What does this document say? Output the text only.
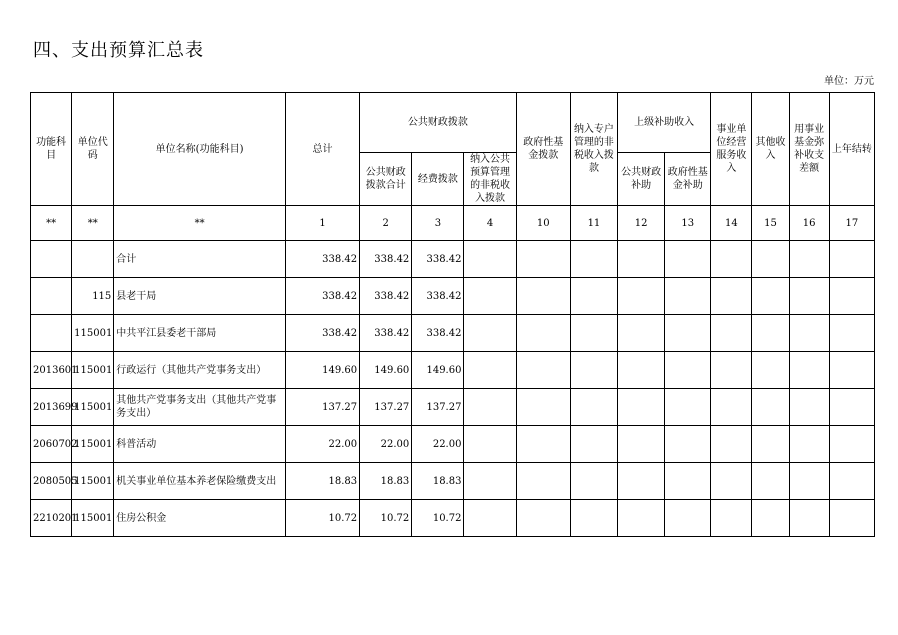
四、支出预算汇总表
单位：万元
功能科目	单位代码	单位名称(功能科目)	总计	公共财政拨款			政府性基金拨款	纳入专户管理的非税收入拨款	上级补助收入		事业单位经营服务收入	其他收入	用事业基金弥补收支差额	上年结转
				公共财政拨款合计	经费拨款	纳入公共预算管理的非税收入拨款			公共财政补助	政府性基金补助				
**	**	**	1	2	3	4	10	11	12	13	14	15	16	17
		合计	338.42	338.42	338.42									
	115	县老干局	338.42	338.42	338.42									
	115001	中共平江县委老干部局	338.42	338.42	338.42									
2013601	115001	行政运行（其他共产党事务支出）	149.60	149.60	149.60									
2013699	115001	其他共产党事务支出（其他共产党事务支出）	137.27	137.27	137.27									
2060702	115001	科普活动	22.00	22.00	22.00									
2080505	115001	机关事业单位基本养老保险缴费支出	18.83	18.83	18.83									
2210201	115001	住房公积金	10.72	10.72	10.72									
